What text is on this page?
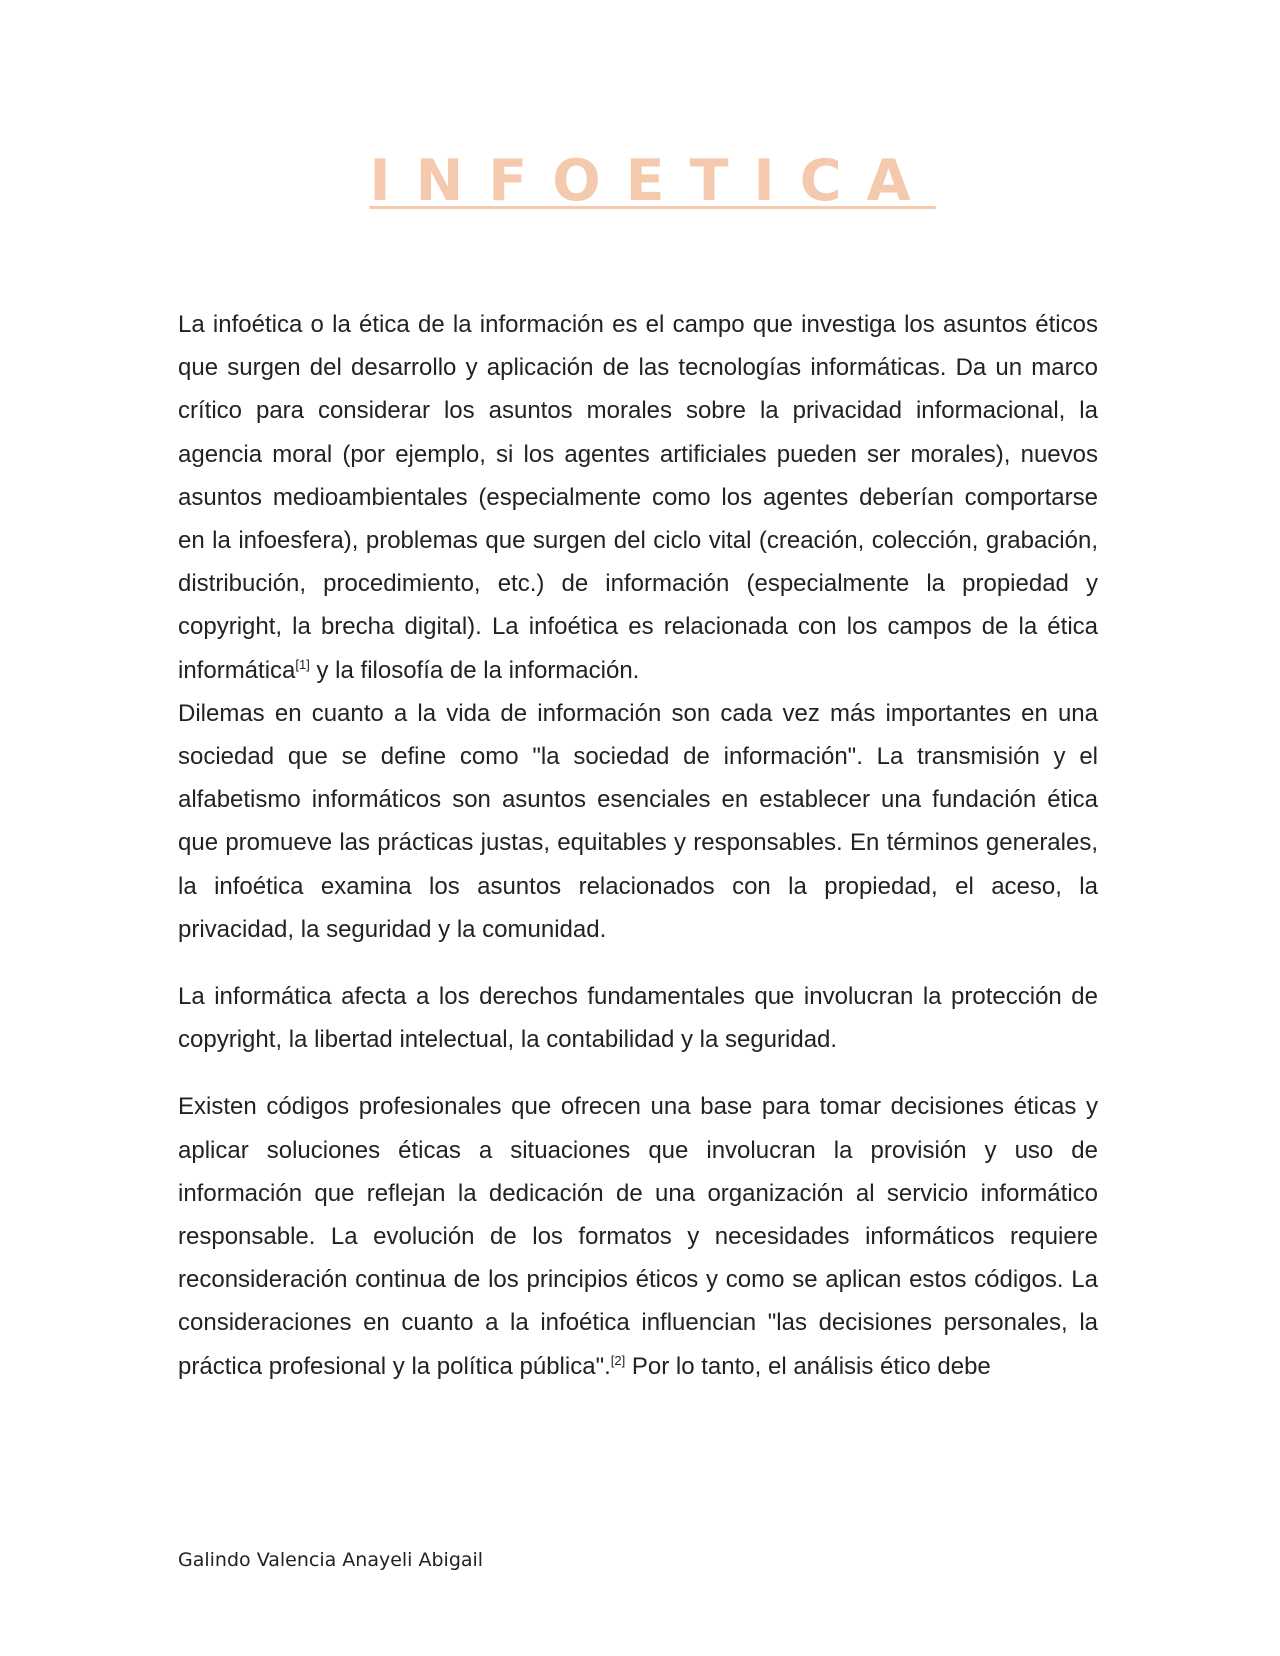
INFOETICA

La infoética o la ética de la información es el campo que investiga los asuntos éticos que surgen del desarrollo y aplicación de las tecnologías informáticas. Da un marco crítico para considerar los asuntos morales sobre la privacidad informacional, la agencia moral (por ejemplo, si los agentes artificiales pueden ser morales), nuevos asuntos medioambientales (especialmente como los agentes deberían comportarse en la infoesfera), problemas que surgen del ciclo vital (creación, colección, grabación, distribución, procedimiento, etc.) de información (especialmente la propiedad y copyright, la brecha digital). La infoética es relacionada con los campos de la ética informática[1] y la filosofía de la información.

Dilemas en cuanto a la vida de información son cada vez más importantes en una sociedad que se define como "la sociedad de información". La transmisión y el alfabetismo informáticos son asuntos esenciales en establecer una fundación ética que promueve las prácticas justas, equitables y responsables. En términos generales, la infoética examina los asuntos relacionados con la propiedad, el aceso, la privacidad, la seguridad y la comunidad.

La informática afecta a los derechos fundamentales que involucran la protección de copyright, la libertad intelectual, la contabilidad y la seguridad.

Existen códigos profesionales que ofrecen una base para tomar decisiones éticas y aplicar soluciones éticas a situaciones que involucran la provisión y uso de información que reflejan la dedicación de una organización al servicio informático responsable. La evolución de los formatos y necesidades informáticos requiere reconsideración continua de los principios éticos y como se aplican estos códigos. La consideraciones en cuanto a la infoética influencian "las decisiones personales, la práctica profesional y la política pública".[2] Por lo tanto, el análisis ético debe

Galindo Valencia Anayeli Abigail
